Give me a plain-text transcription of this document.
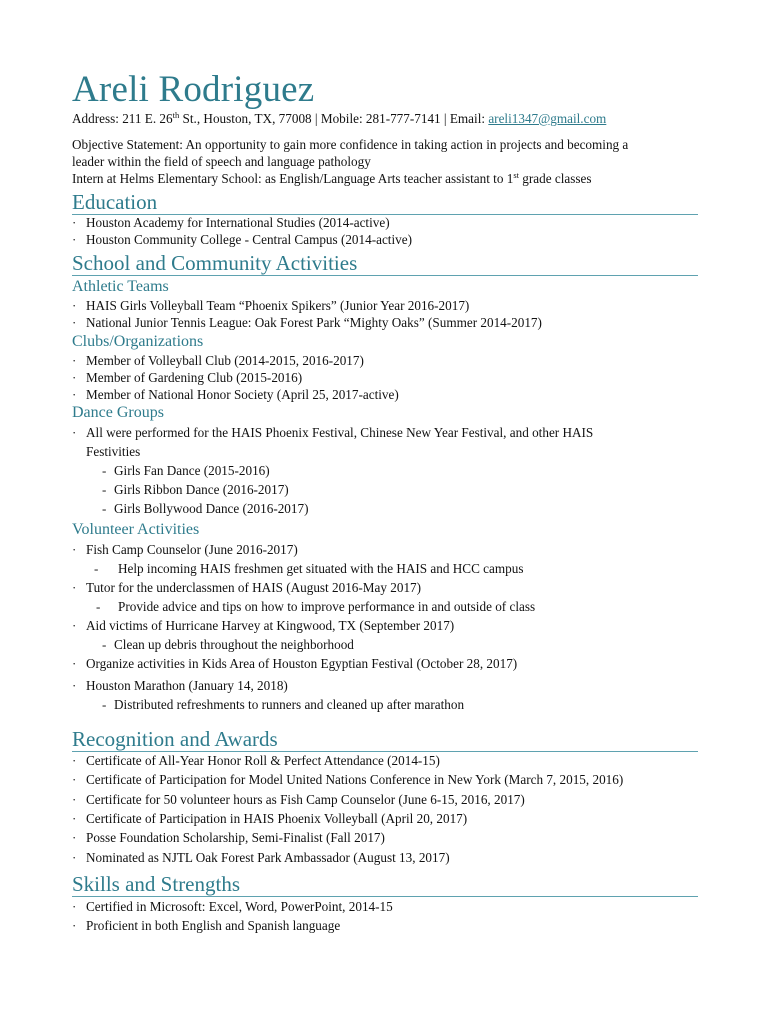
Areli Rodriguez
Address: 211 E. 26th St., Houston, TX, 77008 | Mobile: 281-777-7141 | Email: areli1347@gmail.com
Objective Statement: An opportunity to gain more confidence in taking action in projects and becoming a
leader within the field of speech and language pathology
Intern at Helms Elementary School: as English/Language Arts teacher assistant to 1st grade classes
Education
· Houston Academy for International Studies (2014-active)
· Houston Community College - Central Campus (2014-active)
School and Community Activities
Athletic Teams
· HAIS Girls Volleyball Team “Phoenix Spikers” (Junior Year 2016-2017)
· National Junior Tennis League: Oak Forest Park “Mighty Oaks” (Summer 2014-2017)
Clubs/Organizations
· Member of Volleyball Club (2014-2015, 2016-2017)
· Member of Gardening Club (2015-2016)
· Member of National Honor Society (April 25, 2017-active)
Dance Groups
· All were performed for the HAIS Phoenix Festival, Chinese New Year Festival, and other HAIS
Festivities
- Girls Fan Dance (2015-2016)
- Girls Ribbon Dance (2016-2017)
- Girls Bollywood Dance (2016-2017)
Volunteer Activities
· Fish Camp Counselor (June 2016-2017)
- Help incoming HAIS freshmen get situated with the HAIS and HCC campus
· Tutor for the underclassmen of HAIS (August 2016-May 2017)
- Provide advice and tips on how to improve performance in and outside of class
· Aid victims of Hurricane Harvey at Kingwood, TX (September 2017)
- Clean up debris throughout the neighborhood
· Organize activities in Kids Area of Houston Egyptian Festival (October 28, 2017)
· Houston Marathon (January 14, 2018)
- Distributed refreshments to runners and cleaned up after marathon
Recognition and Awards
· Certificate of All-Year Honor Roll & Perfect Attendance (2014-15)
· Certificate of Participation for Model United Nations Conference in New York (March 7, 2015, 2016)
· Certificate for 50 volunteer hours as Fish Camp Counselor (June 6-15, 2016, 2017)
· Certificate of Participation in HAIS Phoenix Volleyball (April 20, 2017)
· Posse Foundation Scholarship, Semi-Finalist (Fall 2017)
· Nominated as NJTL Oak Forest Park Ambassador (August 13, 2017)
Skills and Strengths
· Certified in Microsoft: Excel, Word, PowerPoint, 2014-15
· Proficient in both English and Spanish language
